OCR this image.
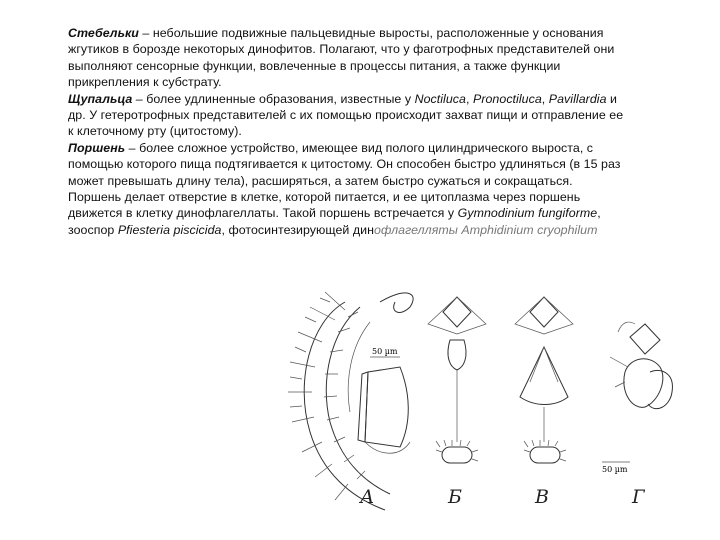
Стебельки – небольшие подвижные пальцевидные выросты, расположенные у основания жгутиков в борозде некоторых динофитов. Полагают, что у фаготрофных представителей они выполняют сенсорные функции, вовлеченные в процессы питания, а также функции прикрепления к субстрату.

Щупальца – более удлиненные образования, известные у Noctiluca, Pronoctiluca, Pavillardia и др. У гетеротрофных представителей с их помощью происходит захват пищи и отправление ее к клеточному рту (цитостому).

Поршень – более сложное устройство, имеющее вид полого цилиндрического выроста, с помощью которого пища подтягивается к цитостому. Он способен быстро удлиняться (в 15 раз может превышать длину тела), расширяться, а затем быстро сужаться и сокращаться. Поршень делает отверстие в клетке, которой питается, и ее цитоплазма через поршень движется в клетку динофлагеллаты. Такой поршень встречается у Gymnodinium fungiforme, зооспор Pfiesteria piscicida, фотосинтезирующей динофлагелляты Amphidinium cryophilum

50 µm
50 µm
А	Б	В	Г
